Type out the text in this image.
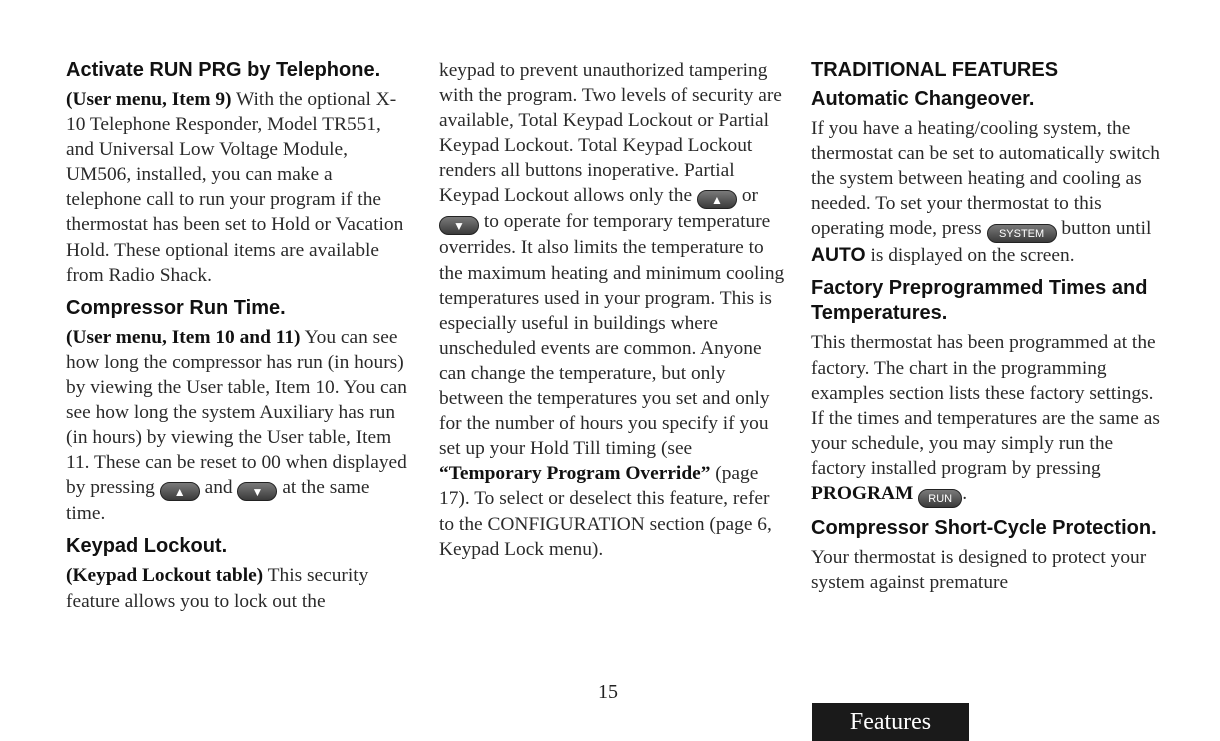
Activate RUN PRG by Telephone.

(User menu, Item 9) With the optional X-10 Telephone Responder, Model TR551, and Universal Low Voltage Module, UM506, installed, you can make a telephone call to run your program if the thermostat has been set to Hold or Vacation Hold. These optional items are available from Radio Shack.

Compressor Run Time.

(User menu, Item 10 and 11) You can see how long the compressor has run (in hours) by viewing the User table, Item 10. You can see how long the system Auxiliary has run (in hours) by viewing the User table, Item 11. These can be reset to 00 when displayed by pressing ▲ and ▼ at the same time.

Keypad Lockout.

(Keypad Lockout table) This security feature allows you to lock out the

keypad to prevent unauthorized tampering with the program. Two levels of security are available, Total Keypad Lockout or Partial Keypad Lockout. Total Keypad Lockout renders all buttons inoperative. Partial Keypad Lockout allows only the ▲ or ▼ to operate for temporary temperature overrides. It also limits the temperature to the maximum heating and minimum cooling temperatures used in your program. This is especially useful in buildings where unscheduled events are common. Anyone can change the temperature, but only between the temperatures you set and only for the number of hours you specify if you set up your Hold Till timing (see “Temporary Program Override” (page 17). To select or deselect this feature, refer to the CONFIGURATION section (page 6, Keypad Lock menu).

TRADITIONAL FEATURES
Automatic Changeover.

If you have a heating/cooling system, the thermostat can be set to automatically switch the system between heating and cooling as needed. To set your thermostat to this operating mode, press SYSTEM button until AUTO is displayed on the screen.

Factory Preprogrammed Times and Temperatures.

This thermostat has been programmed at the factory. The chart in the programming examples section lists these factory settings. If the times and temperatures are the same as your schedule, you may simply run the factory installed program by pressing PROGRAM RUN .

Compressor Short-Cycle Protection.

Your thermostat is designed to protect your system against premature

15
Features
